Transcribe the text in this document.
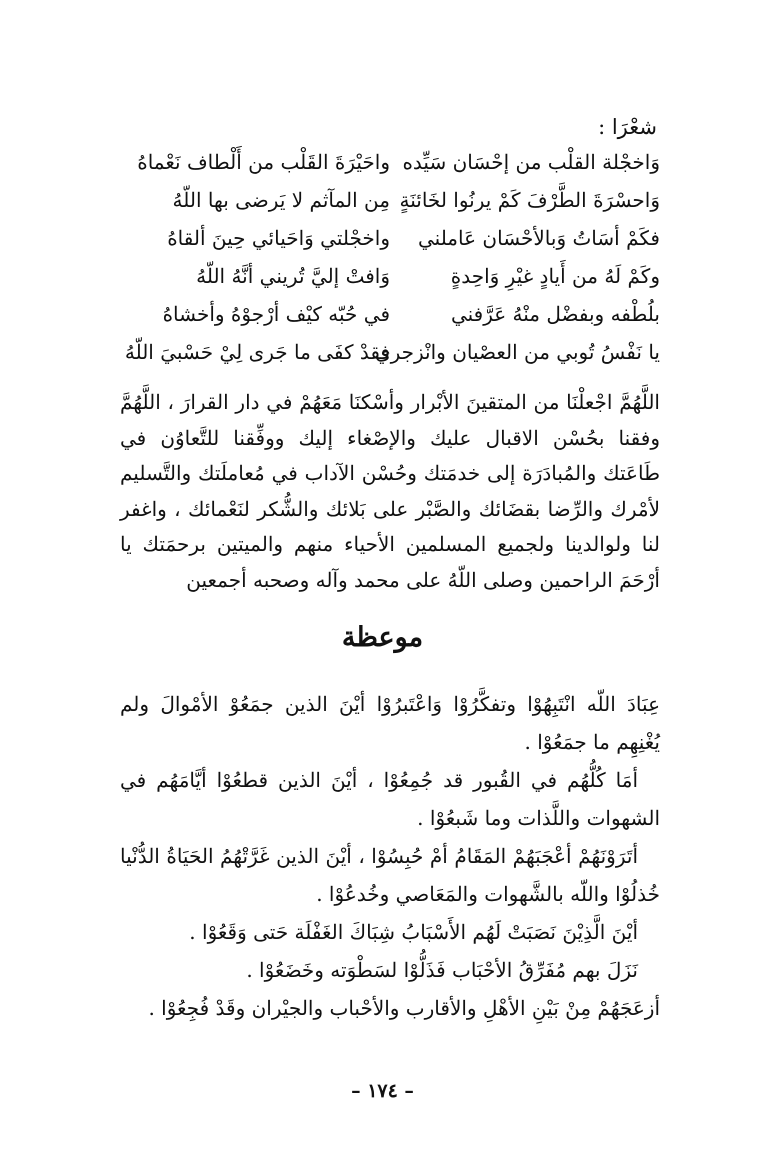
شعْرَا :
وَاخجْلة القلْب من إحْسَان سَيِّده
واحَيْرَةَ القَلْب من أَلْطاف نَعْماهُ
وَاحسْرَةَ الطَّرْفَ كَمْ يرنُوا لخَائنَةٍ
مِن المآثم لا يَرضى بها اللّهُ
فكَمْ أسَاتُ وَبالأحْسَان عَاملني
واخجْلتي وَاحَيائي حِينَ ألقاهُ
وكَمْ لَهُ من أَيادٍ غيْرِ وَاحِدةٍ
وَافتْ إليَّ تُريني أنَّهُ اللّهُ
بلُطْفه وبفضْل منْهُ عَرَّفني
في حُبّه كيْف أرْجوْهُ وأخشاهُ
يا نَفْسُ تُوبي من العصْيان وانْزجري
فقدْ كفَى ما جَرى لِيْ حَسْبيَ اللّهُ
اللَّهُمَّ اجْعلْنَا من المتقينَ الأبْرار وأسْكنَا مَعَهُمْ في دار القرارَ ، اللَّهُمَّ وفقنا بحُسْن الاقبال عليك والإصْغاء إليك ووفِّقنا للتَّعاوُن في طَاعَتك والمُبادَرَة إلى خدمَتك وحُسْن الآداب في مُعاملَتك والتَّسليم لأمْرك والرِّضا بقضَائك والصَّبْر على بَلائك والشُّكر لنَعْمائك ، واغفر لنا ولوالدينا ولجميع المسلمين الأحياء منهم والميتين برحمَتك يا أرْحَمَ الراحمين وصلى اللّهُ على محمد وآله وصحبه أجمعين
موعظة

عِبَادَ اللّه انْتَبِهُوْا وتفكَّرُوْا وَاعْتَبرُوْا أيْنَ الذين جمَعُوْ الأمْوالَ ولم يُغْنِهِم ما جمَعُوْا .

أمَا كُلُّهُم في القُبور قد جُمِعُوْا ، أيْنَ الذين قطعُوْا أيَّامَهُم في الشهوات واللَّذات وما شَبعُوْا .

أتَرَوْنَهُمْ أعْجَبَهُمْ المَقَامُ أمْ حُبِسُوْا ، أيْنَ الذين غَرَّتْهُمُ الحَيَاةُ الدُّنْيا خُذلُوْا واللّه بالشَّهوات والمَعَاصي وخُدعُوْا .

أيْنَ الَّذِيْنَ نَصَبَتْ لَهُم الأَسْبَابُ شِبَاكَ الغَفْلَة حَتى وَقَعُوْا .

نَزَلَ بهم مُفَرِّقُ الأحْبَاب فَذَلُّوْا لسَطْوَته وخَضَعُوْا .

أزعَجَهُمْ مِنْ بَيْنِ الأهْلِ والأقارب والأحْباب والجيْران وقَدْ فُجِعُوْا .

– ١٧٤ –
